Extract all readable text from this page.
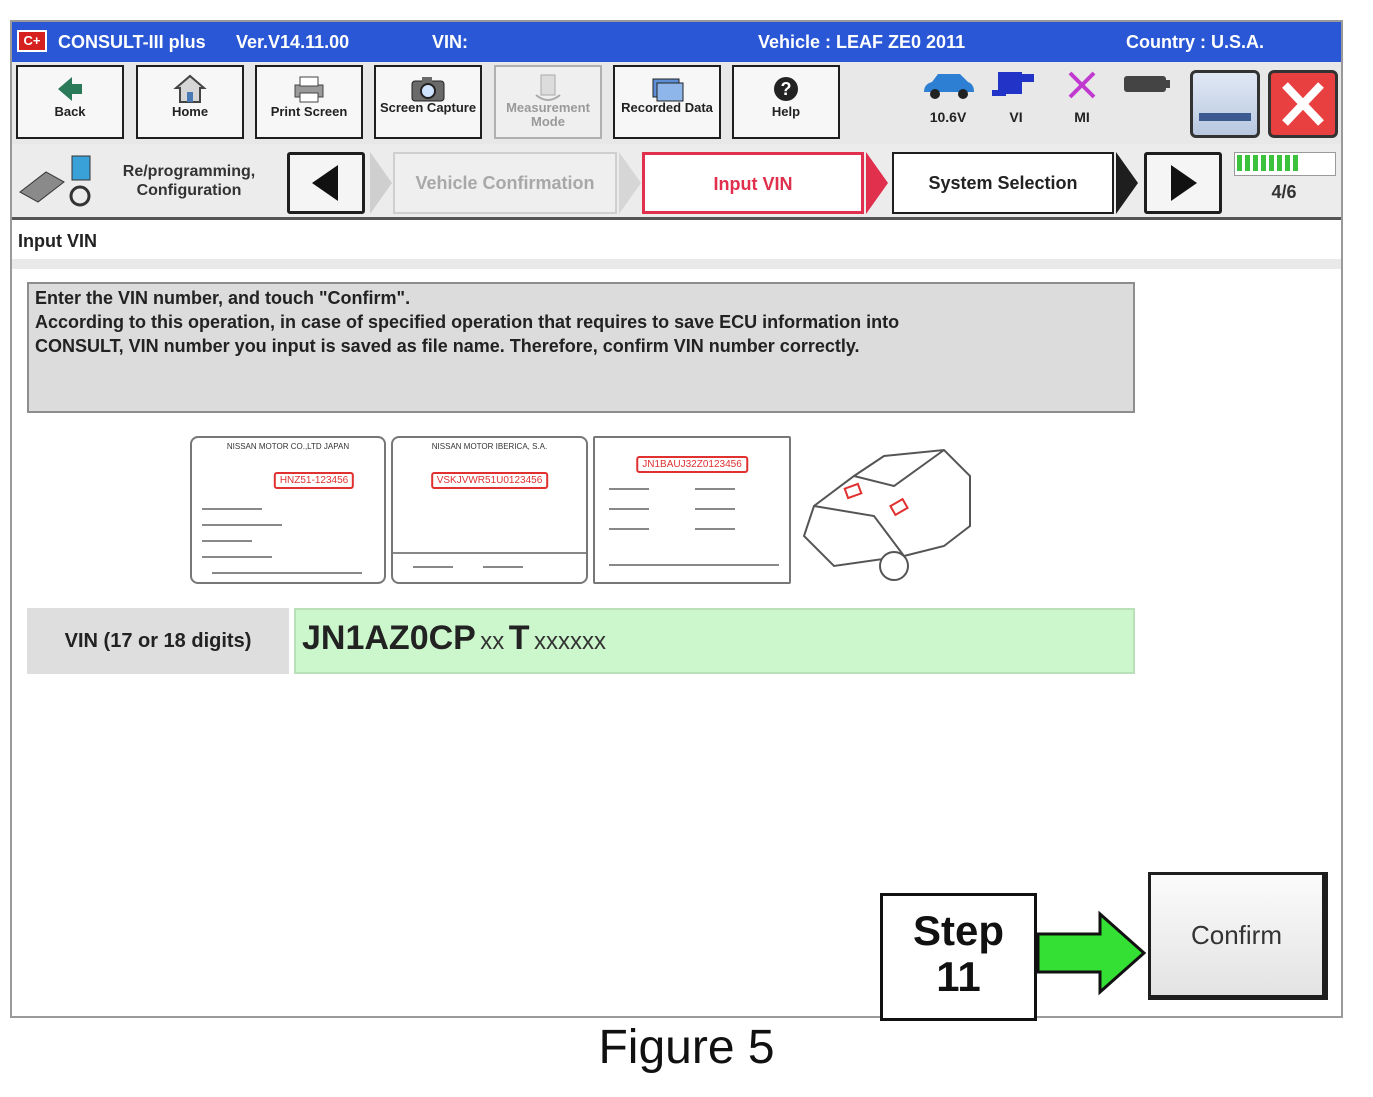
C+ CONSULT-III plus Ver.V14.11.00	VIN:	Vehicle : LEAF ZE0 2011	Country : U.S.A.
Back	Home	Print Screen	Screen Capture	Measurement Mode
Recorded Data
?
Help	10.6V	VI	MI
Re/programming, Configuration	Vehicle Confirmation	Input VIN	System Selection	4/6
Input VIN

Enter the VIN number, and touch "Confirm".

According to this operation, in case of specified operation that requires to save ECU information into

CONSULT, VIN number you input is saved as file name. Therefore, confirm VIN number correctly.

NISSAN MOTOR CO.,LTD JAPAN
HNZ51-123456
NISSAN MOTOR IBERICA, S.A.
VSKJVWR51U0123456
JN1BAUJ32Z0123456
VIN (17 or 18 digits)	JN1AZ0CP xx T xxxxxx
Confirm
Step
11
Figure 5
